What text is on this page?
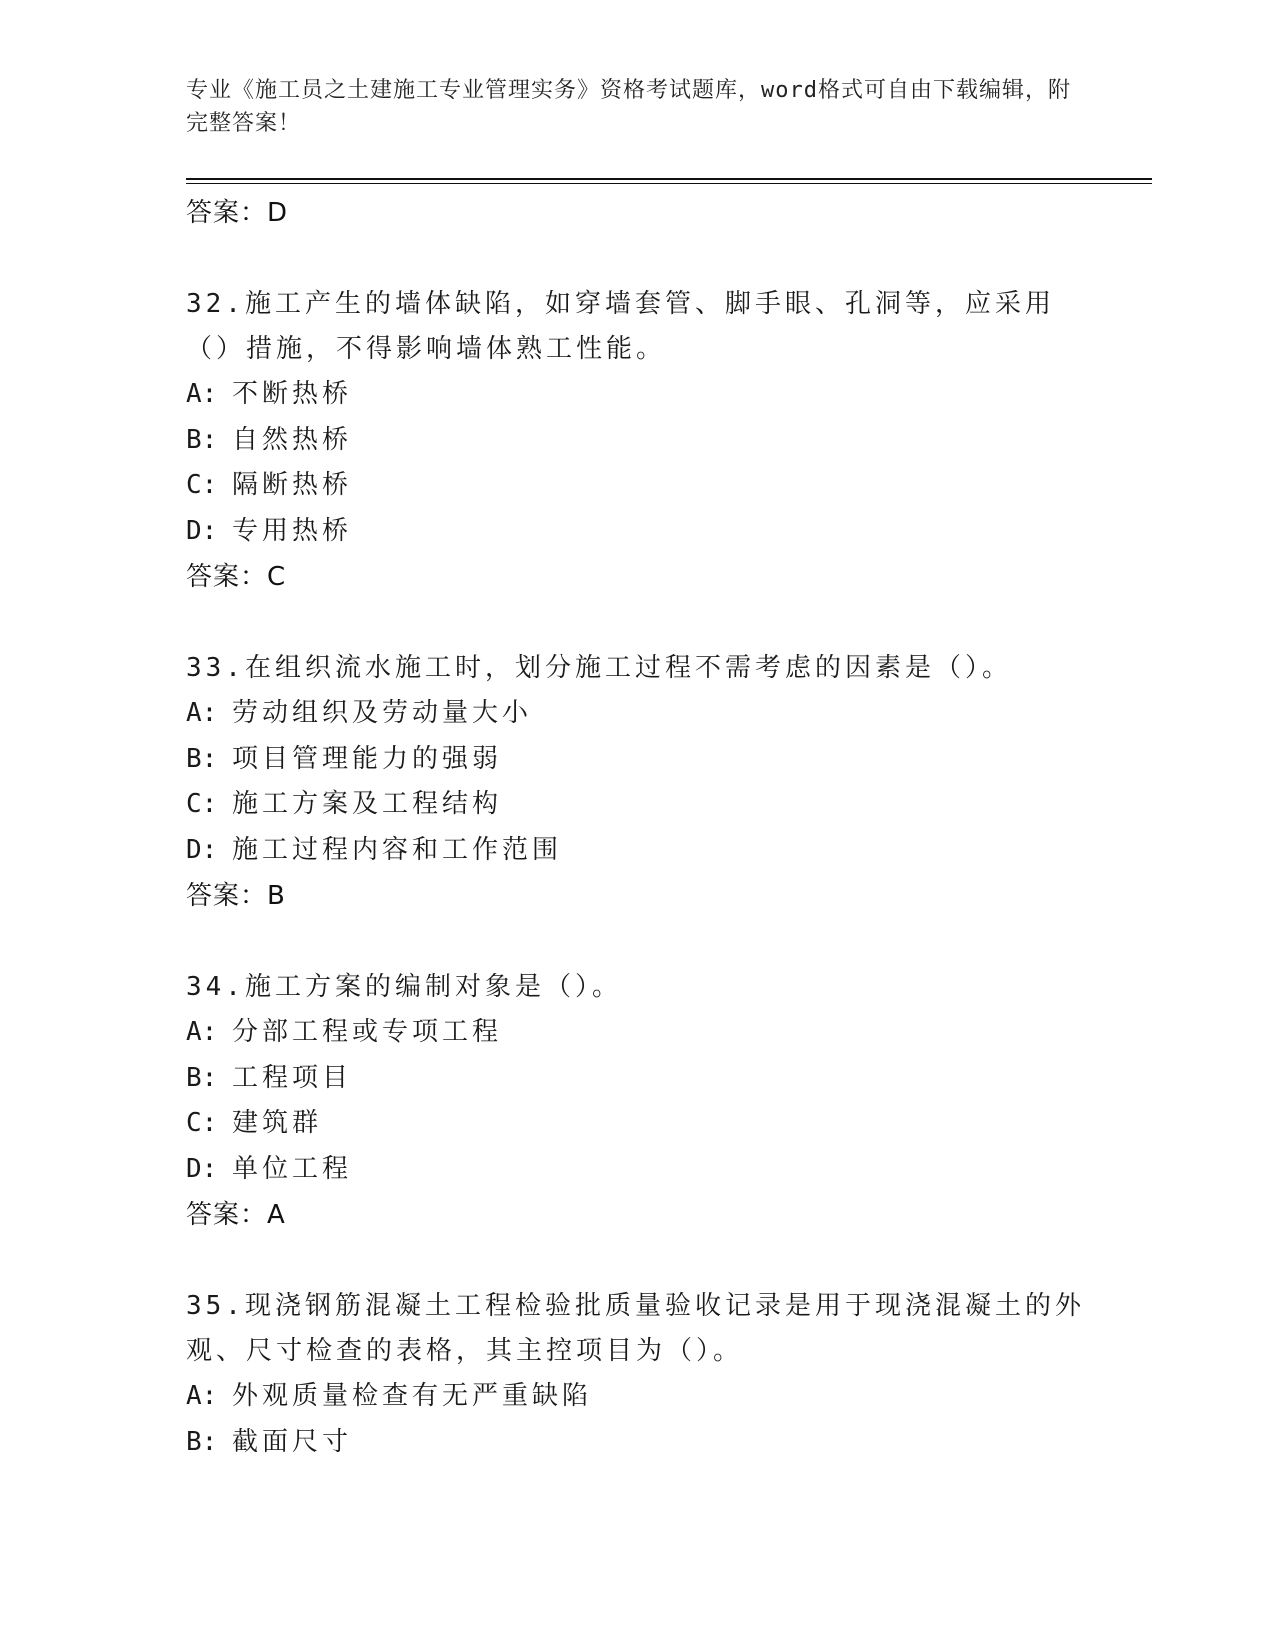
专业《施工员之土建施工专业管理实务》资格考试题库，word格式可自由下载编辑，附完整答案！
答案：D
32.施工产生的墙体缺陷，如穿墙套管、脚手眼、孔洞等，应采用（）措施，不得影响墙体熟工性能。
A: 不断热桥
B: 自然热桥
C: 隔断热桥
D: 专用热桥
答案：C
33.在组织流水施工时，划分施工过程不需考虑的因素是（）。
A: 劳动组织及劳动量大小
B: 项目管理能力的强弱
C: 施工方案及工程结构
D: 施工过程内容和工作范围
答案：B
34.施工方案的编制对象是（）。
A: 分部工程或专项工程
B: 工程项目
C: 建筑群
D: 单位工程
答案：A
35.现浇钢筋混凝土工程检验批质量验收记录是用于现浇混凝土的外观、尺寸检查的表格，其主控项目为（）。
A: 外观质量检查有无严重缺陷
B: 截面尺寸
